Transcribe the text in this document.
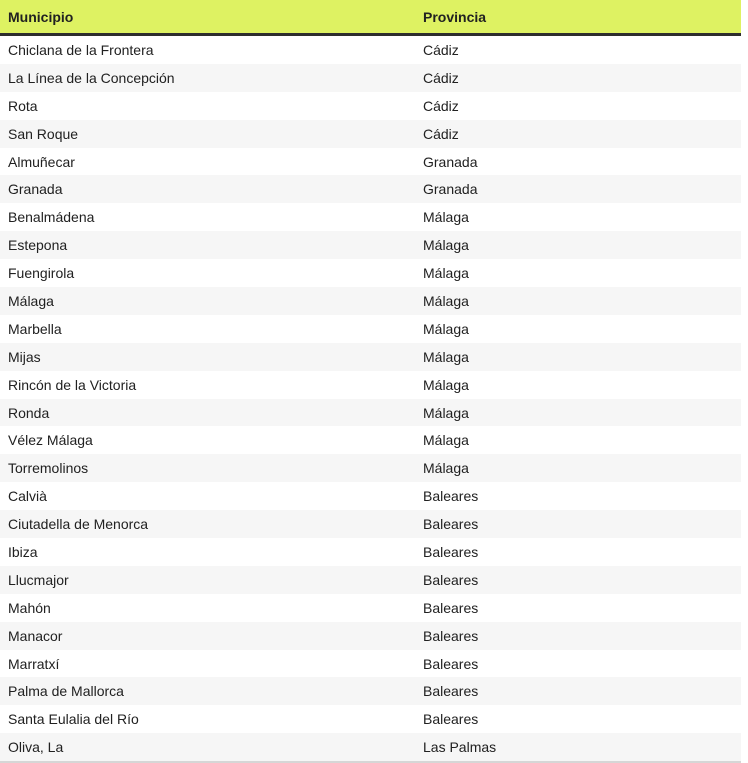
Municipio	Provincia
Chiclana de la Frontera	Cádiz
La Línea de la Concepción	Cádiz
Rota	Cádiz
San Roque	Cádiz
Almuñecar	Granada
Granada	Granada
Benalmádena	Málaga
Estepona	Málaga
Fuengirola	Málaga
Málaga	Málaga
Marbella	Málaga
Mijas	Málaga
Rincón de la Victoria	Málaga
Ronda	Málaga
Vélez Málaga	Málaga
Torremolinos	Málaga
Calvià	Baleares
Ciutadella de Menorca	Baleares
Ibiza	Baleares
Llucmajor	Baleares
Mahón	Baleares
Manacor	Baleares
Marratxí	Baleares
Palma de Mallorca	Baleares
Santa Eulalia del Río	Baleares
Oliva, La	Las Palmas
